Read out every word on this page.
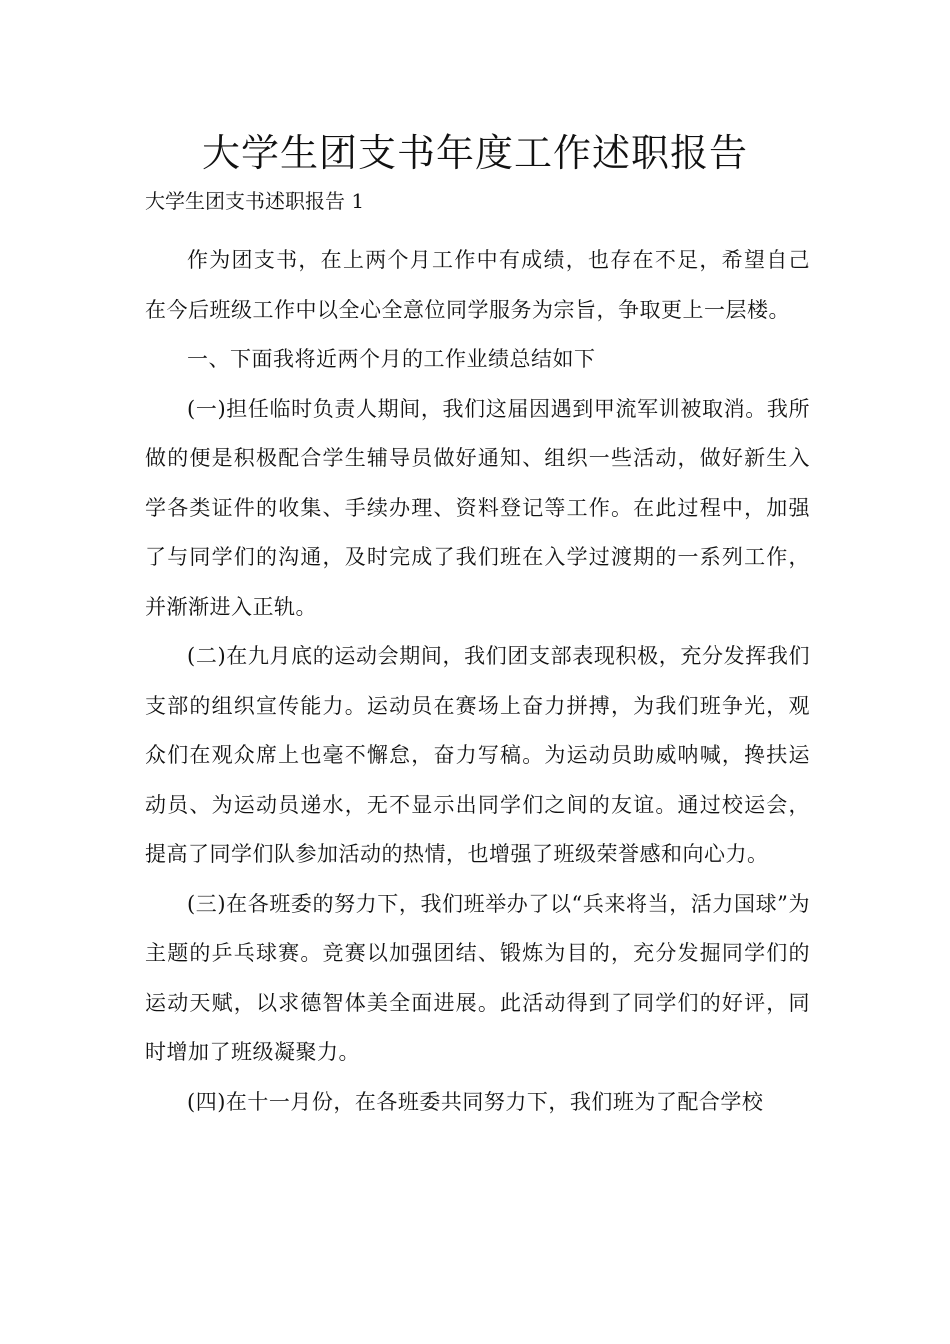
大学生团支书年度工作述职报告

大学生团支书述职报告 1

作为团支书，在上两个月工作中有成绩，也存在不足，希望自己在今后班级工作中以全心全意位同学服务为宗旨，争取更上一层楼。

一、下面我将近两个月的工作业绩总结如下

(一)担任临时负责人期间，我们这届因遇到甲流军训被取消。我所做的便是积极配合学生辅导员做好通知、组织一些活动，做好新生入学各类证件的收集、手续办理、资料登记等工作。在此过程中，加强了与同学们的沟通，及时完成了我们班在入学过渡期的一系列工作，并渐渐进入正轨。

(二)在九月底的运动会期间，我们团支部表现积极，充分发挥我们支部的组织宣传能力。运动员在赛场上奋力拼搏，为我们班争光，观众们在观众席上也毫不懈怠，奋力写稿。为运动员助威呐喊，搀扶运动员、为运动员递水，无不显示出同学们之间的友谊。通过校运会，提高了同学们队参加活动的热情，也增强了班级荣誉感和向心力。

(三)在各班委的努力下，我们班举办了以“兵来将当，活力国球”为主题的乒乓球赛。竞赛以加强团结、锻炼为目的，充分发掘同学们的运动天赋，以求德智体美全面进展。此活动得到了同学们的好评，同时增加了班级凝聚力。

(四)在十一月份，在各班委共同努力下，我们班为了配合学校
